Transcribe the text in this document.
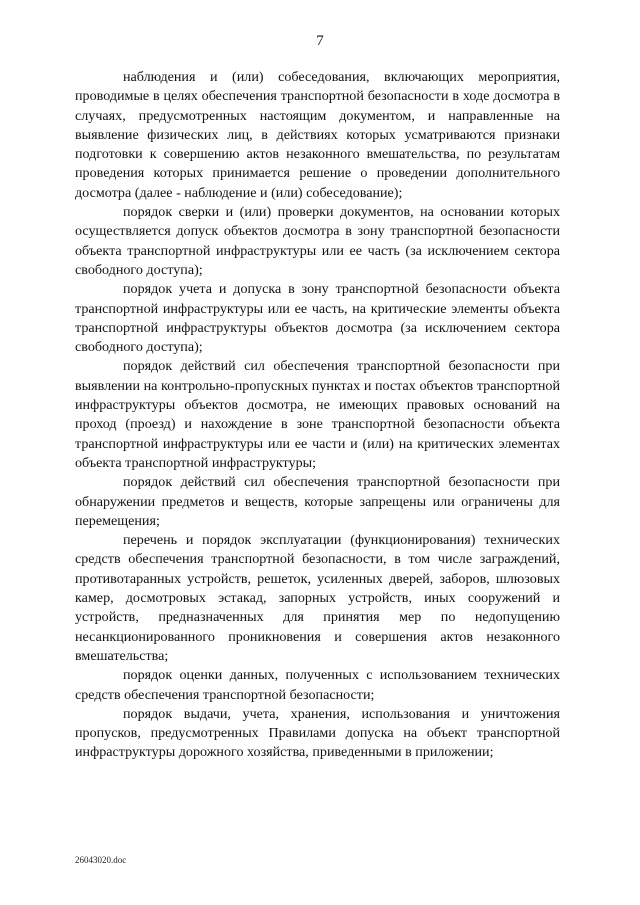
7

наблюдения и (или) собеседования, включающих мероприятия, проводимые в целях обеспечения транспортной безопасности в ходе досмотра в случаях, предусмотренных настоящим документом, и направленные на выявление физических лиц, в действиях которых усматриваются признаки подготовки к совершению актов незаконного вмешательства, по результатам проведения которых принимается решение о проведении дополнительного досмотра (далее - наблюдение и (или) собеседование);

порядок сверки и (или) проверки документов, на основании которых осуществляется допуск объектов досмотра в зону транспортной безопасности объекта транспортной инфраструктуры или ее часть (за исключением сектора свободного доступа);

порядок учета и допуска в зону транспортной безопасности объекта транспортной инфраструктуры или ее часть, на критические элементы объекта транспортной инфраструктуры объектов досмотра (за исключением сектора свободного доступа);

порядок действий сил обеспечения транспортной безопасности при выявлении на контрольно-пропускных пунктах и постах объектов транспортной инфраструктуры объектов досмотра, не имеющих правовых оснований на проход (проезд) и нахождение в зоне транспортной безопасности объекта транспортной инфраструктуры или ее части и (или) на критических элементах объекта транспортной инфраструктуры;

порядок действий сил обеспечения транспортной безопасности при обнаружении предметов и веществ, которые запрещены или ограничены для перемещения;

перечень и порядок эксплуатации (функционирования) технических средств обеспечения транспортной безопасности, в том числе заграждений, противотаранных устройств, решеток, усиленных дверей, заборов, шлюзовых камер, досмотровых эстакад, запорных устройств, иных сооружений и устройств, предназначенных для принятия мер по недопущению несанкционированного проникновения и совершения актов незаконного вмешательства;

порядок оценки данных, полученных с использованием технических средств обеспечения транспортной безопасности;

порядок выдачи, учета, хранения, использования и уничтожения пропусков, предусмотренных Правилами допуска на объект транспортной инфраструктуры дорожного хозяйства, приведенными в приложении;

26043020.doc
